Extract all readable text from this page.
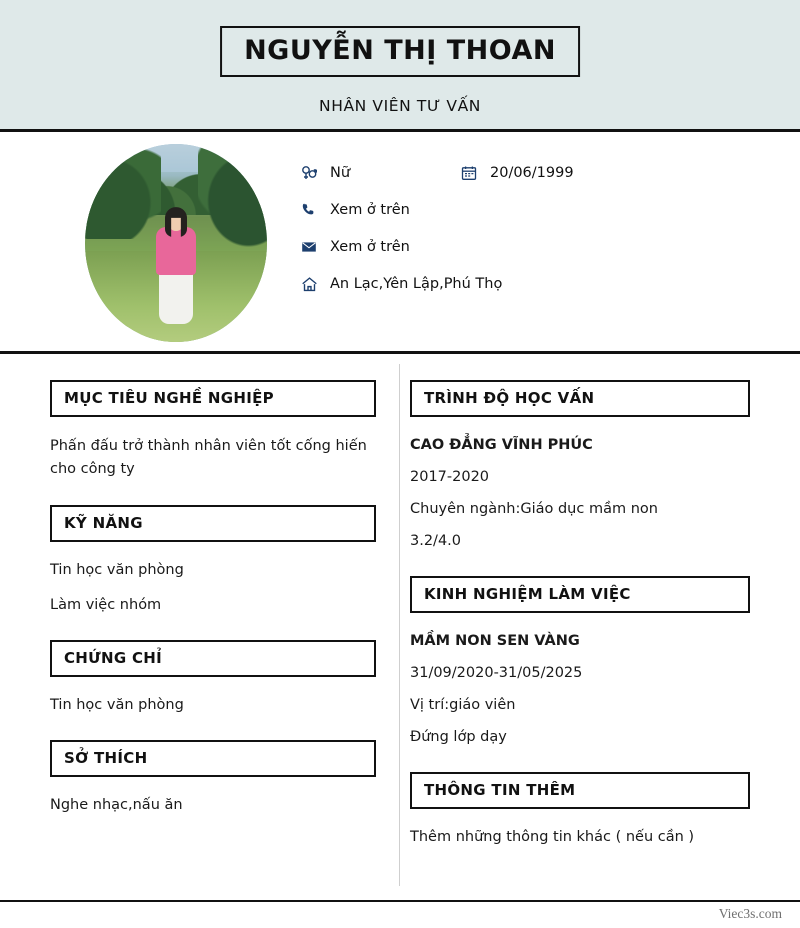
NGUYỄN THỊ THOAN
NHÂN VIÊN TƯ VẤN
Nữ	20/06/1999
Xem ở trên
Xem ở trên
An Lạc,Yên Lập,Phú Thọ
MỤC TIÊU NGHỀ NGHIỆP
Phấn đấu trở thành nhân viên tốt cống hiến cho công ty
KỸ NĂNG
Tin học văn phòng
Làm việc nhóm
CHỨNG CHỈ
Tin học văn phòng
SỞ THÍCH
Nghe nhạc,nấu ăn
TRÌNH ĐỘ HỌC VẤN
CAO ĐẲNG VĨNH PHÚC
2017-2020
Chuyên ngành:Giáo dục mầm non
3.2/4.0
KINH NGHIỆM LÀM VIỆC
MẦM NON SEN VÀNG
31/09/2020-31/05/2025
Vị trí:giáo viên
Đứng lớp dạy
THÔNG TIN THÊM
Thêm những thông tin khác ( nếu cần )
Viec3s.com
